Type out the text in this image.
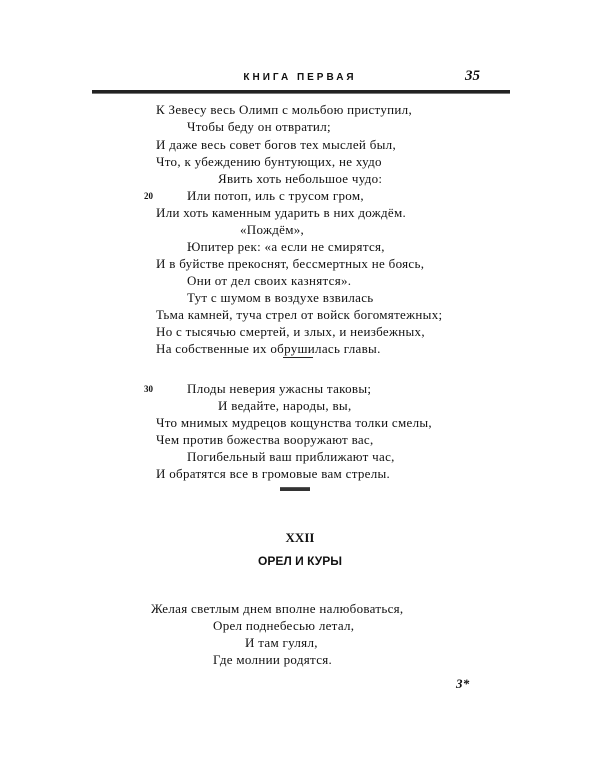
КНИГА ПЕРВАЯ	35
К Зевесу весь Олимп с мольбою приступил,
Чтобы беду он отвратил;
И даже весь совет богов тех мыслей был,
Что, к убеждению бунтующих, не худо
Явить хоть небольшое чудо:
20	Или потоп, иль с трусом гром,
Или хоть каменным ударить в них дождём.
«Пождём»,
Юпитер рек: «а если не смирятся,
И в буйстве прекоснят, бессмертных не боясь,
Они от дел своих казнятся».
Тут с шумом в воздухе взвилась
Тьма камней, туча стрел от войск богомятежных;
Но с тысячью смертей, и злых, и неизбежных,
На собственные их обрушилась главы.
30	Плоды неверия ужасны таковы;
И ведайте, народы, вы,
Что мнимых мудрецов кощунства толки смелы,
Чем против божества вооружают вас,
Погибельный ваш приближают час,
И обратятся все в громовые вам стрелы.
XXII
ОРЕЛ И КУРЫ
Желая светлым днем вполне налюбоваться,
Орел поднебесью летал,
И там гулял,
Где молнии родятся.
3*
